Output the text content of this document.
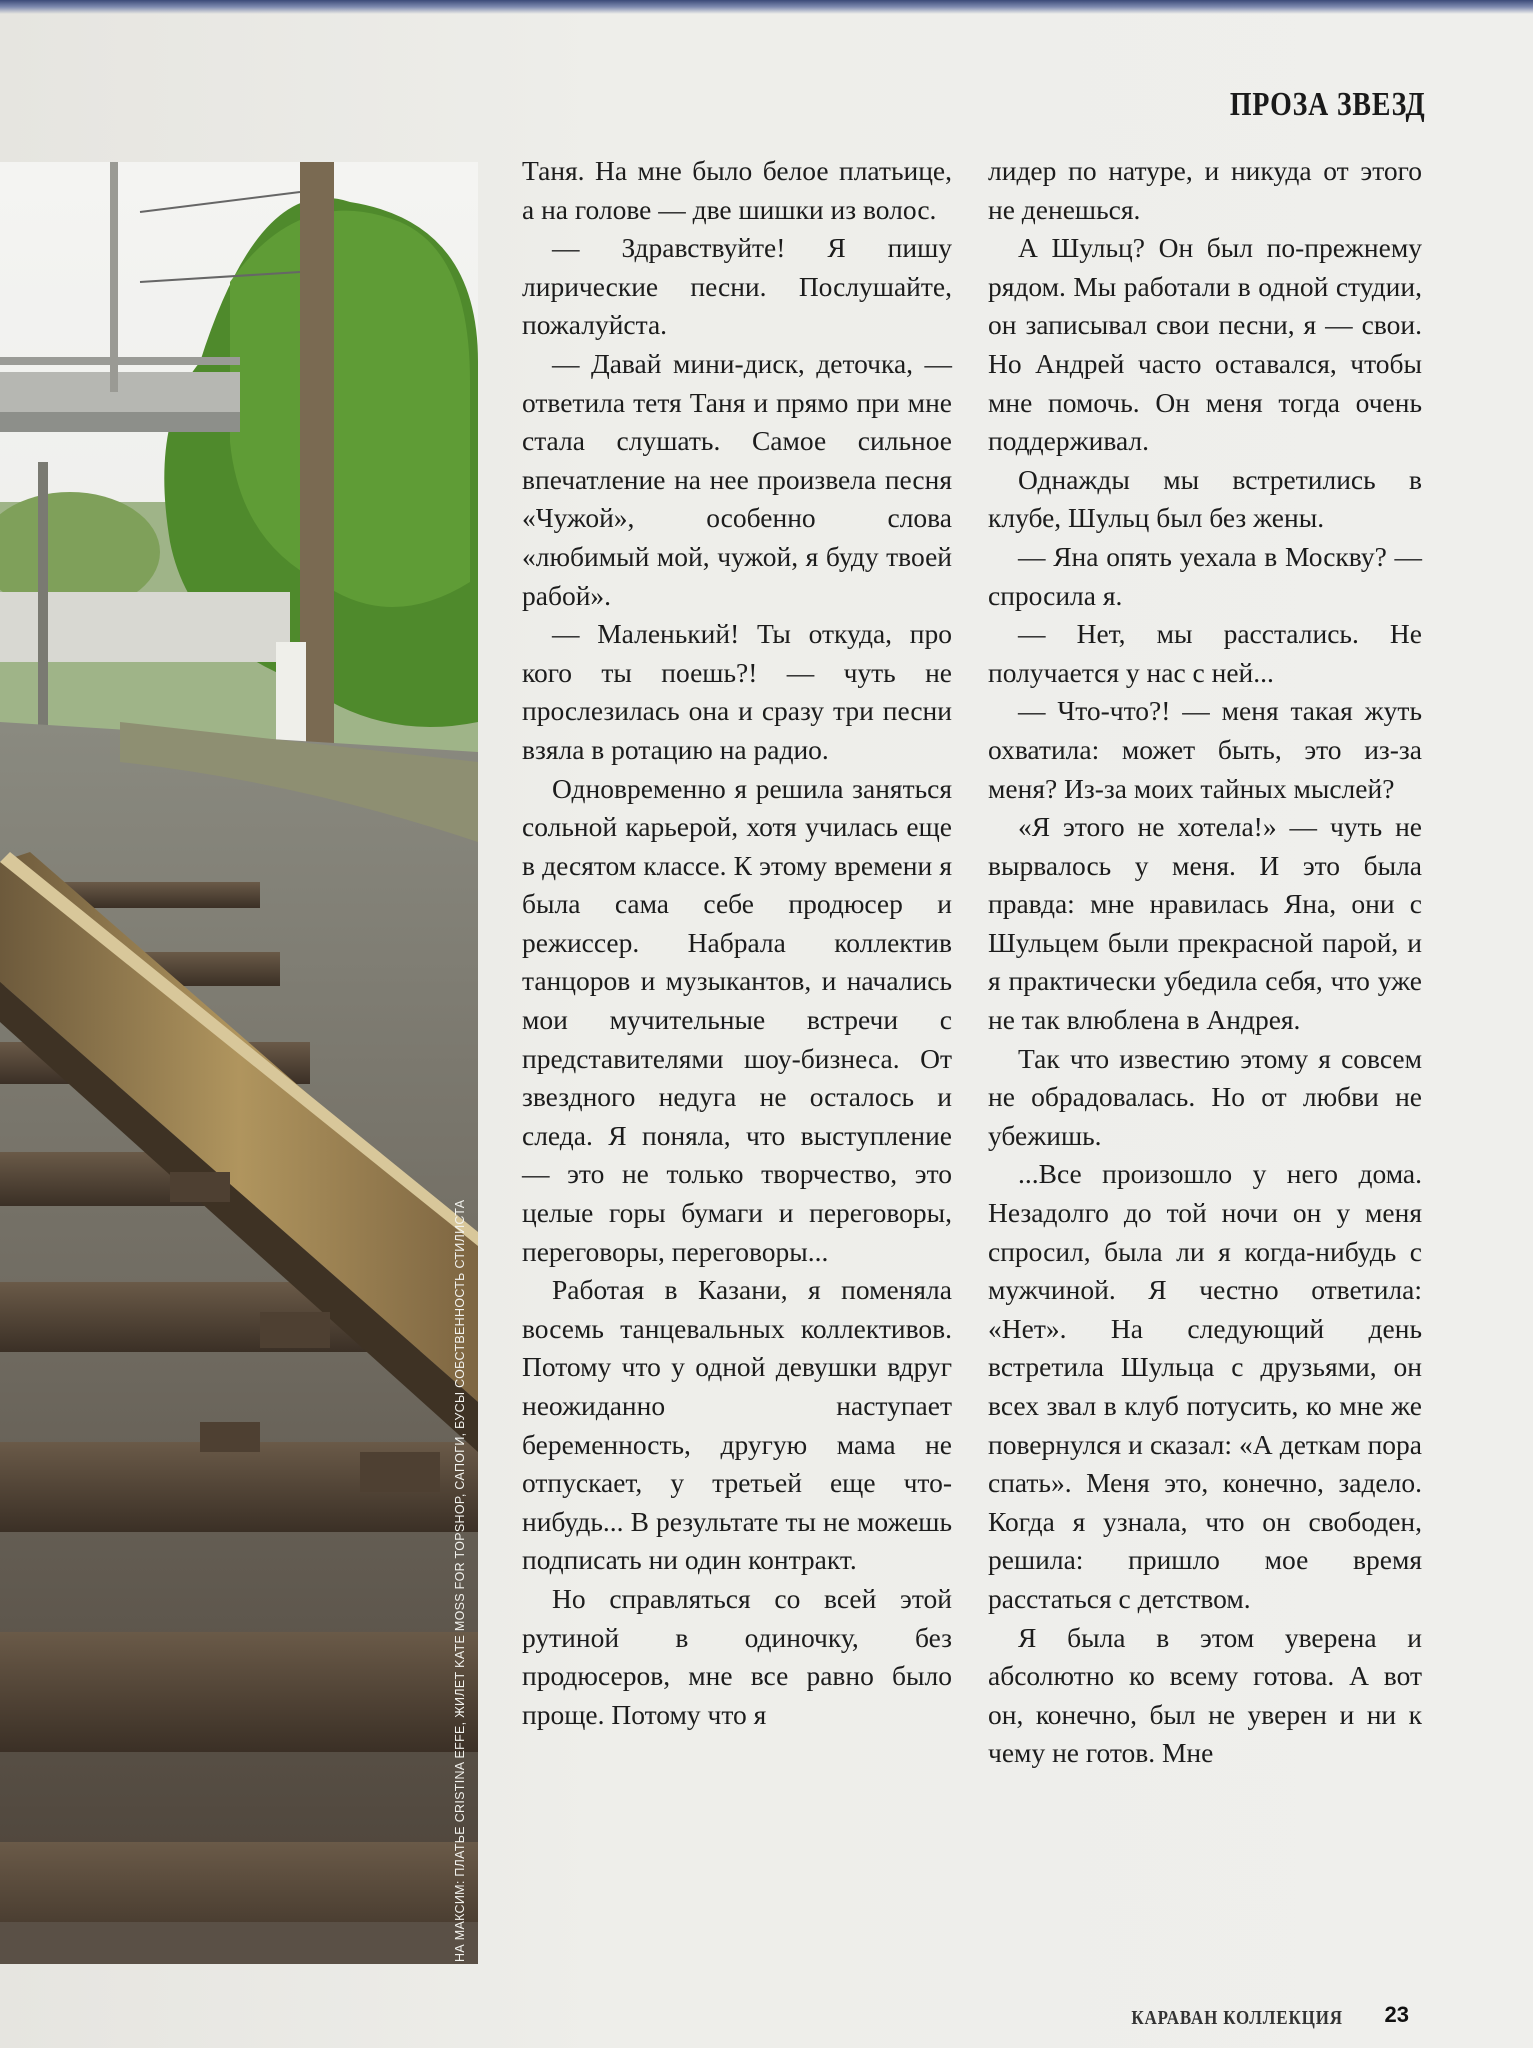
ПРОЗА ЗВЕЗД
НА МАКСИМ: ПЛАТЬЕ CRISTINA EFFE, ЖИЛЕТ KATE MOSS FOR TOPSHOP, САПОГИ, БУСЫ СОБСТВЕННОСТЬ СТИЛИСТА

Таня. На мне было белое платьице, а на голове — две шишки из волос.

— Здравствуйте! Я пишу лирические песни. Послушайте, пожалуйста.

— Давай мини-диск, деточка, — ответила тетя Таня и прямо при мне стала слушать. Самое сильное впечатление на нее произвела песня «Чужой», особенно слова «любимый мой, чужой, я буду твоей рабой».

— Маленький! Ты откуда, про кого ты поешь?! — чуть не прослезилась она и сразу три песни взяла в ротацию на радио.

Одновременно я решила заняться сольной карьерой, хотя училась еще в десятом классе. К этому времени я была сама себе продюсер и режиссер. Набрала коллектив танцоров и музыкантов, и начались мои мучительные встречи с представителями шоу-бизнеса. От звездного недуга не осталось и следа. Я поняла, что выступление — это не только творчество, это целые горы бумаги и переговоры, переговоры, переговоры...

Работая в Казани, я поменяла восемь танцевальных коллективов. Потому что у одной девушки вдруг неожиданно наступает беременность, другую мама не отпускает, у третьей еще что-нибудь... В результате ты не можешь подписать ни один контракт.

Но справляться со всей этой рутиной в одиночку, без продюсеров, мне все равно было проще. Потому что я

лидер по натуре, и никуда от этого не денешься.

А Шульц? Он был по-прежнему рядом. Мы работали в одной студии, он записывал свои песни, я — свои. Но Андрей часто оставался, чтобы мне помочь. Он меня тогда очень поддерживал.

Однажды мы встретились в клубе, Шульц был без жены.

— Яна опять уехала в Москву? — спросила я.

— Нет, мы расстались. Не получается у нас с ней...

— Что-что?! — меня такая жуть охватила: может быть, это из-за меня? Из-за моих тайных мыслей?

«Я этого не хотела!» — чуть не вырвалось у меня. И это была правда: мне нравилась Яна, они с Шульцем были прекрасной парой, и я практически убедила себя, что уже не так влюблена в Андрея.

Так что известию этому я совсем не обрадовалась. Но от любви не убежишь.

...Все произошло у него дома. Незадолго до той ночи он у меня спросил, была ли я когда-нибудь с мужчиной. Я честно ответила: «Нет». На следующий день встретила Шульца с друзьями, он всех звал в клуб потусить, ко мне же повернулся и сказал: «А деткам пора спать». Меня это, конечно, задело. Когда я узнала, что он свободен, решила: пришло мое время расстаться с детством.

Я была в этом уверена и абсолютно ко всему готова. А вот он, конечно, был не уверен и ни к чему не готов. Мне

КАРАВАН КОЛЛЕКЦИЯ 23
